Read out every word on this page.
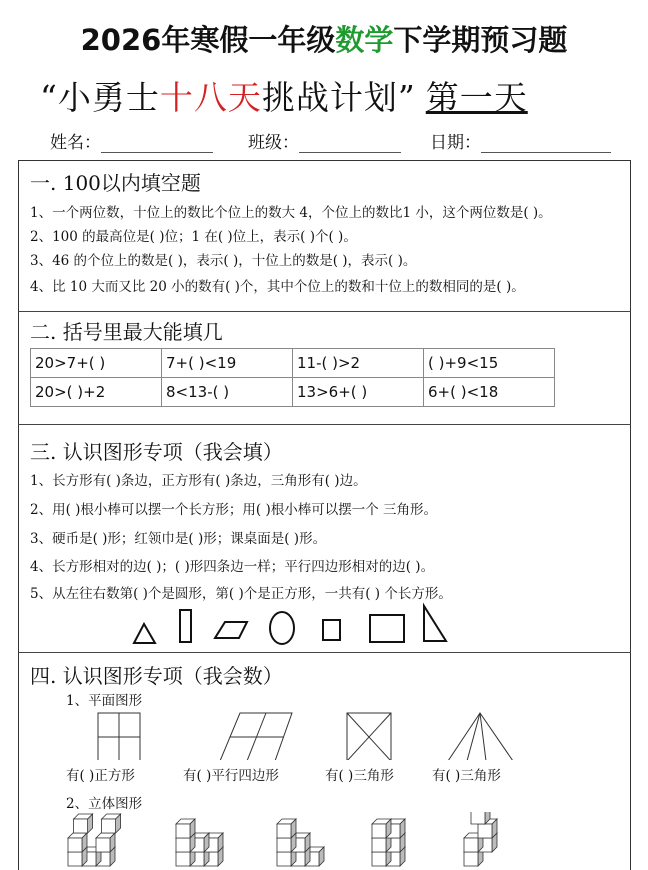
2026年寒假一年级数学下学期预习题
“小勇士十八天挑战计划” 第一天
姓名：	班级：	日期：
一. 100以内填空题
1、一个两位数，十位上的数比个位上的数大 4，个位上的数比1 小，这个两位数是( )。
2、100 的最高位是( )位；1 在( )位上，表示( )个( )。
3、46 的个位上的数是( )，表示( )，十位上的数是( )，表示( )。
4、比 10 大而又比 20 小的数有( )个，其中个位上的数和十位上的数相同的是( )。
二. 括号里最大能填几
20>7+( )	7+( )<19	11-( )>2	( )+9<15
20>( )+2	8<13-( )	13>6+( )	6+( )<18
三. 认识图形专项（我会填）
1、长方形有( )条边，正方形有( )条边，三角形有( )边。
2、用( )根小棒可以摆一个长方形；用( )根小棒可以摆一个 三角形。
3、硬币是( )形；红领巾是( )形；课桌面是( )形。
4、长方形相对的边( )；( )形四条边一样；平行四边形相对的边( )。
5、从左往右数第( )个是圆形，第( )个是正方形，一共有( ) 个长方形。
四. 认识图形专项（我会数）
1、平面图形
有( )正方形	有( )平行四边形	有( )三角形	有( )三角形
2、立体图形
